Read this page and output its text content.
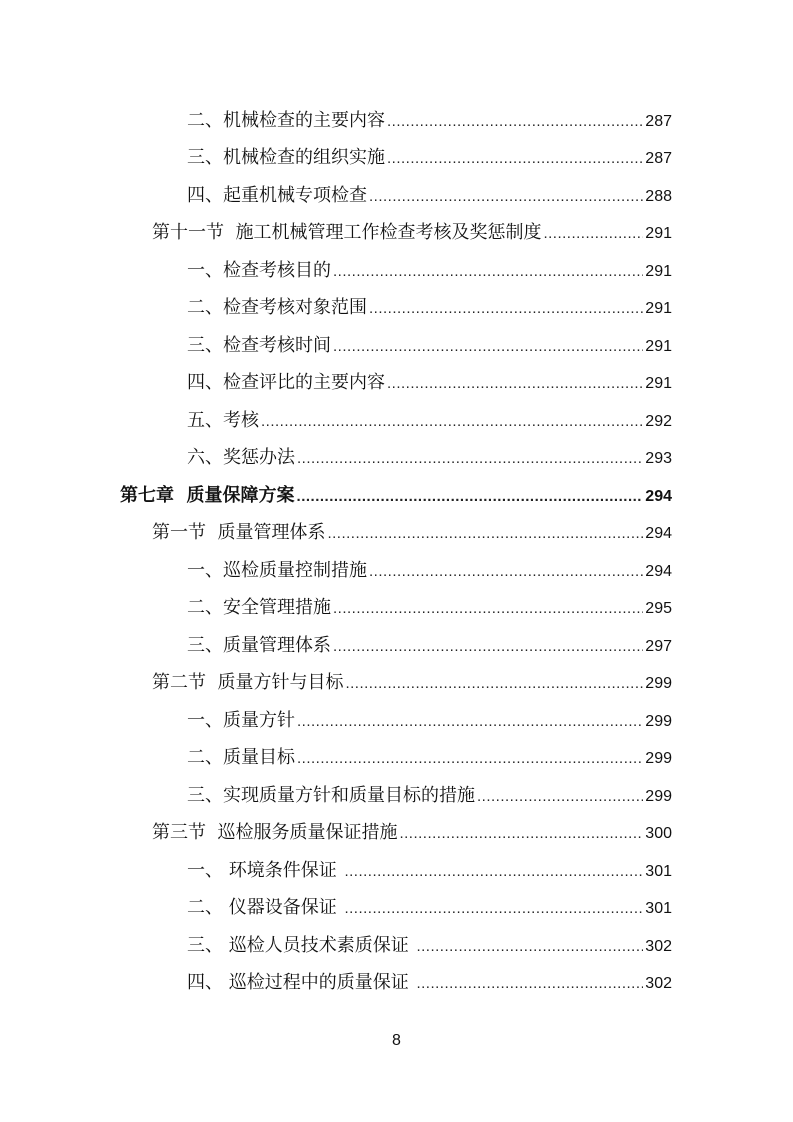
二、机械检查的主要内容 .....	287
三、机械检查的组织实施 .....	287
四、起重机械专项检查 .....	288
第十一节  施工机械管理工作检查考核及奖惩制度 .....	291
一、检查考核目的 .....	291
二、检查考核对象范围 .....	291
三、检查考核时间 .....	291
四、检查评比的主要内容 .....	291
五、考核 .....	292
六、奖惩办法 .....	293
第七章  质量保障方案 .....	294
第一节  质量管理体系 .....	294
一、巡检质量控制措施 .....	294
二、安全管理措施 .....	295
三、质量管理体系 .....	297
第二节  质量方针与目标 .....	299
一、质量方针 .....	299
二、质量目标 .....	299
三、实现质量方针和质量目标的措施 .....	299
第三节  巡检服务质量保证措施 .....	300
一、 环境条件保证 .....	301
二、 仪器设备保证 .....	301
三、 巡检人员技术素质保证 .....	302
四、 巡检过程中的质量保证 .....	302
8
